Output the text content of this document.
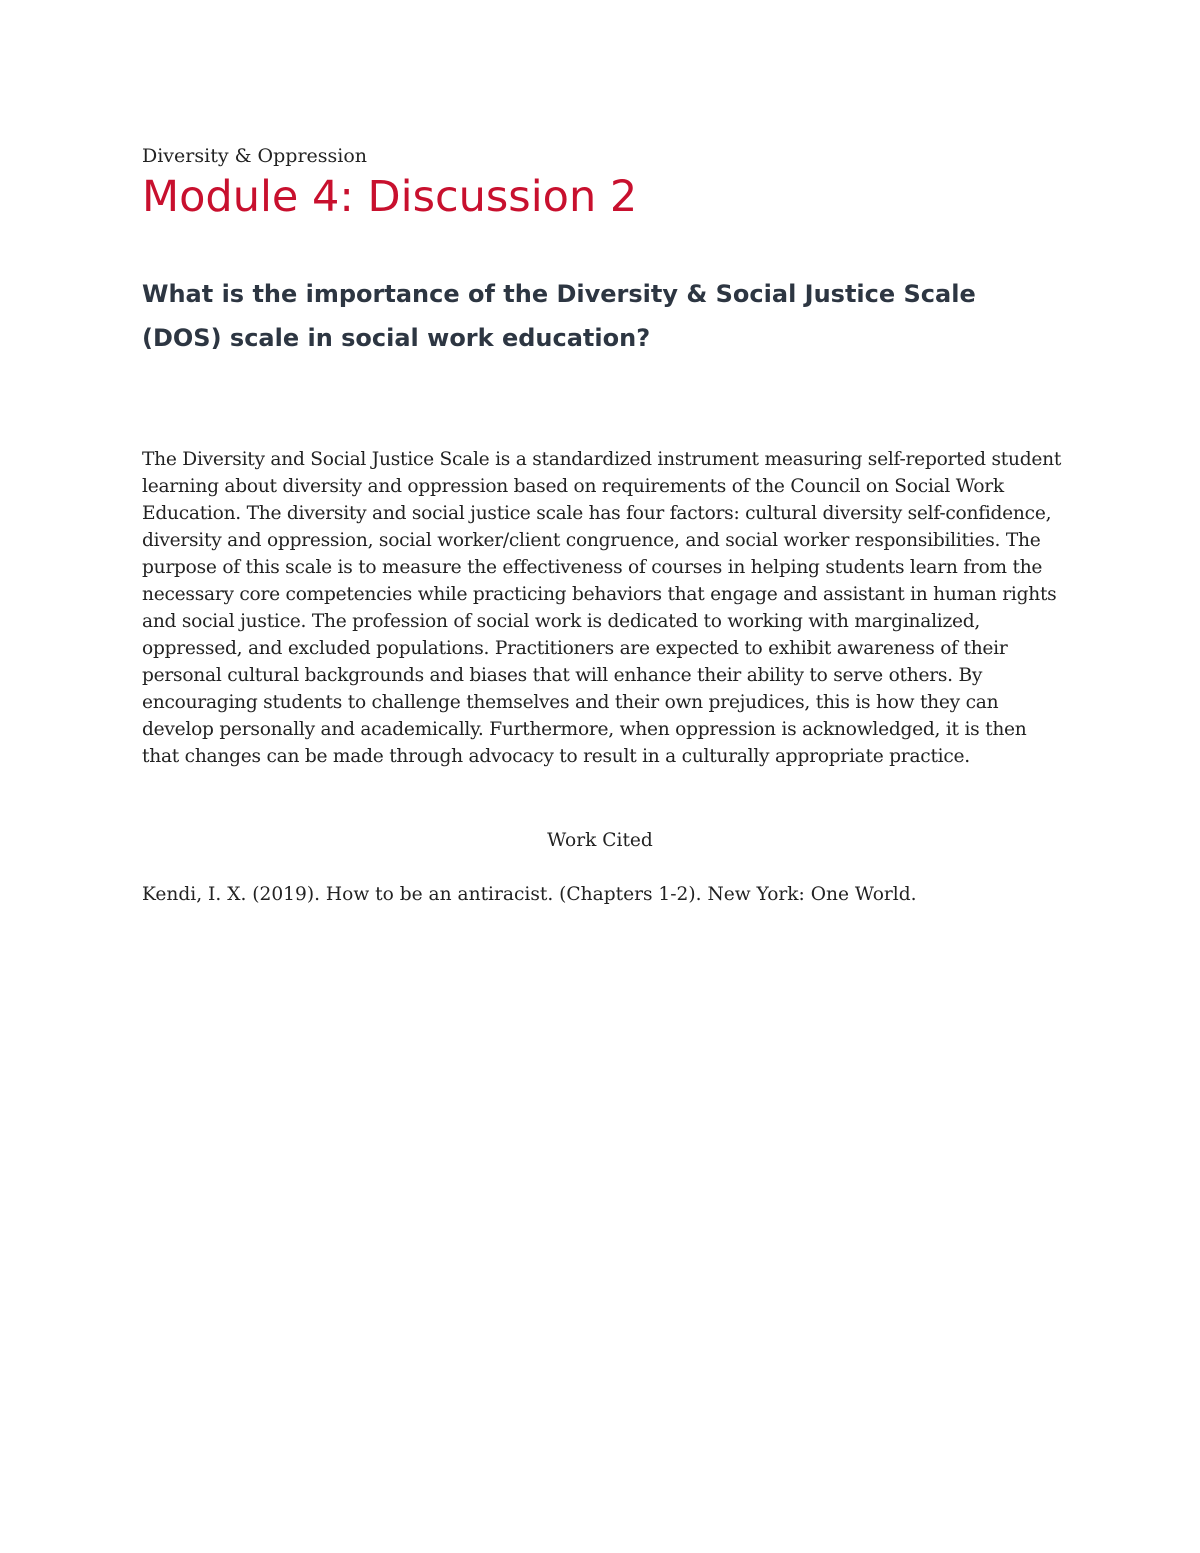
Diversity & Oppression

Module 4: Discussion 2
What is the importance of the Diversity & Social Justice Scale (DOS) scale in social work education?

The Diversity and Social Justice Scale is a standardized instrument measuring self-reported student learning about diversity and oppression based on requirements of the Council on Social Work Education. The diversity and social justice scale has four factors: cultural diversity self-confidence, diversity and oppression, social worker/client congruence, and social worker responsibilities. The purpose of this scale is to measure the effectiveness of courses in helping students learn from the necessary core competencies while practicing behaviors that engage and assistant in human rights and social justice. The profession of social work is dedicated to working with marginalized, oppressed, and excluded populations. Practitioners are expected to exhibit awareness of their personal cultural backgrounds and biases that will enhance their ability to serve others. By encouraging students to challenge themselves and their own prejudices, this is how they can develop personally and academically. Furthermore, when oppression is acknowledged, it is then that changes can be made through advocacy to result in a culturally appropriate practice.

Work Cited

Kendi, I. X. (2019). How to be an antiracist. (Chapters 1-2). New York: One World.
